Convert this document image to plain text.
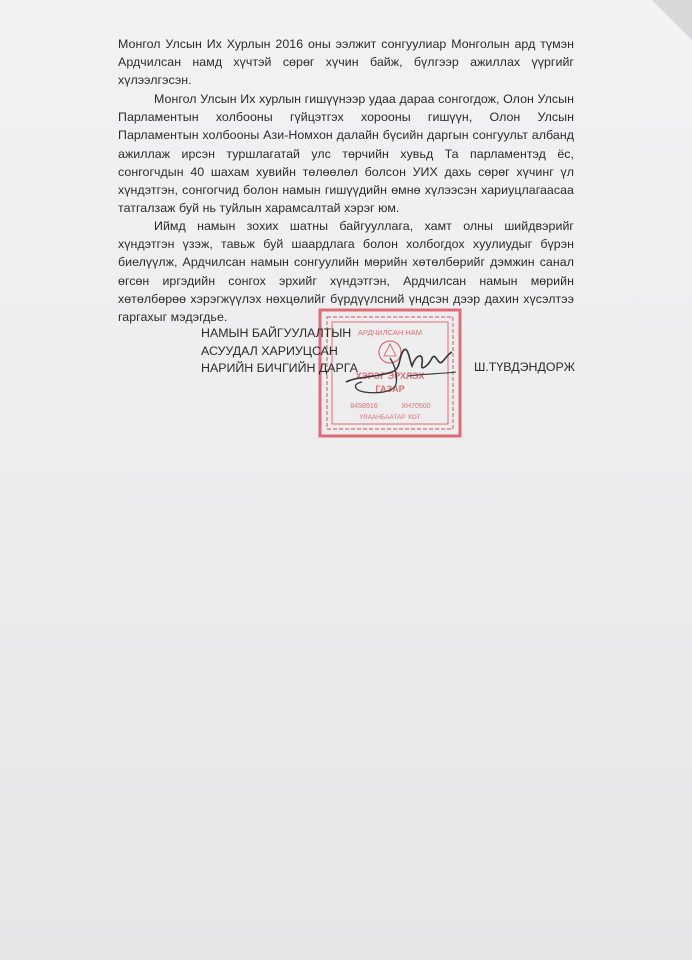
Монгол Улсын Их Хурлын 2016 оны ээлжит сонгуулиар Монголын ард түмэн Ардчилсан намд хүчтэй сөрөг хүчин байж, бүлгээр ажиллах үүргийг хүлээлгэсэн.
Монгол Улсын Их хурлын гишүүнээр удаа дараа сонгогдож, Олон Улсын Парламентын холбооны гүйцэтгэх хорооны гишүүн, Олон Улсын Парламентын холбооны Ази-Номхон далайн бүсийн даргын сонгуульт албанд ажиллаж ирсэн туршлагатай улс төрчийн хувьд Та парламентэд ёс, сонгогчдын 40 шахам хувийн төлөөлөл болсон УИХ дахь сөрөг хүчинг үл хүндэтгэн, сонгогчид болон намын гишүүдийн өмнө хүлээсэн хариуцлагаасаа татгалзаж буй нь туйлын харамсалтай хэрэг юм.
Иймд намын зохих шатны байгууллага, хамт олны шийдвэрийг хүндэтгэн үзэж, тавьж буй шаардлага болон холбогдох хуулиудыг бүрэн биелүүлж, Ардчилсан намын сонгуулийн мөрийн хөтөлбөрийг дэмжин санал өгсөн иргэдийн сонгох эрхийг хүндэтгэн, Ардчилсан намын мөрийн хөтөлбөрөө хэрэгжүүлэх нөхцөлийг бүрдүүлсний үндсэн дээр дахин хүсэлтээ гаргахыг мэдэгдье.
АРДЧИЛСАН НАМ
ХЭРЭГ ЭРХЛЭХ
ГАЗАР
8458916	ХН70500
УЛААНБААТАР ХОТ
НАМЫН БАЙГУУЛАЛТЫН
АСУУДАЛ ХАРИУЦСАН
НАРИЙН БИЧГИЙН ДАРГА	Ш.ТҮВДЭНДОРЖ
